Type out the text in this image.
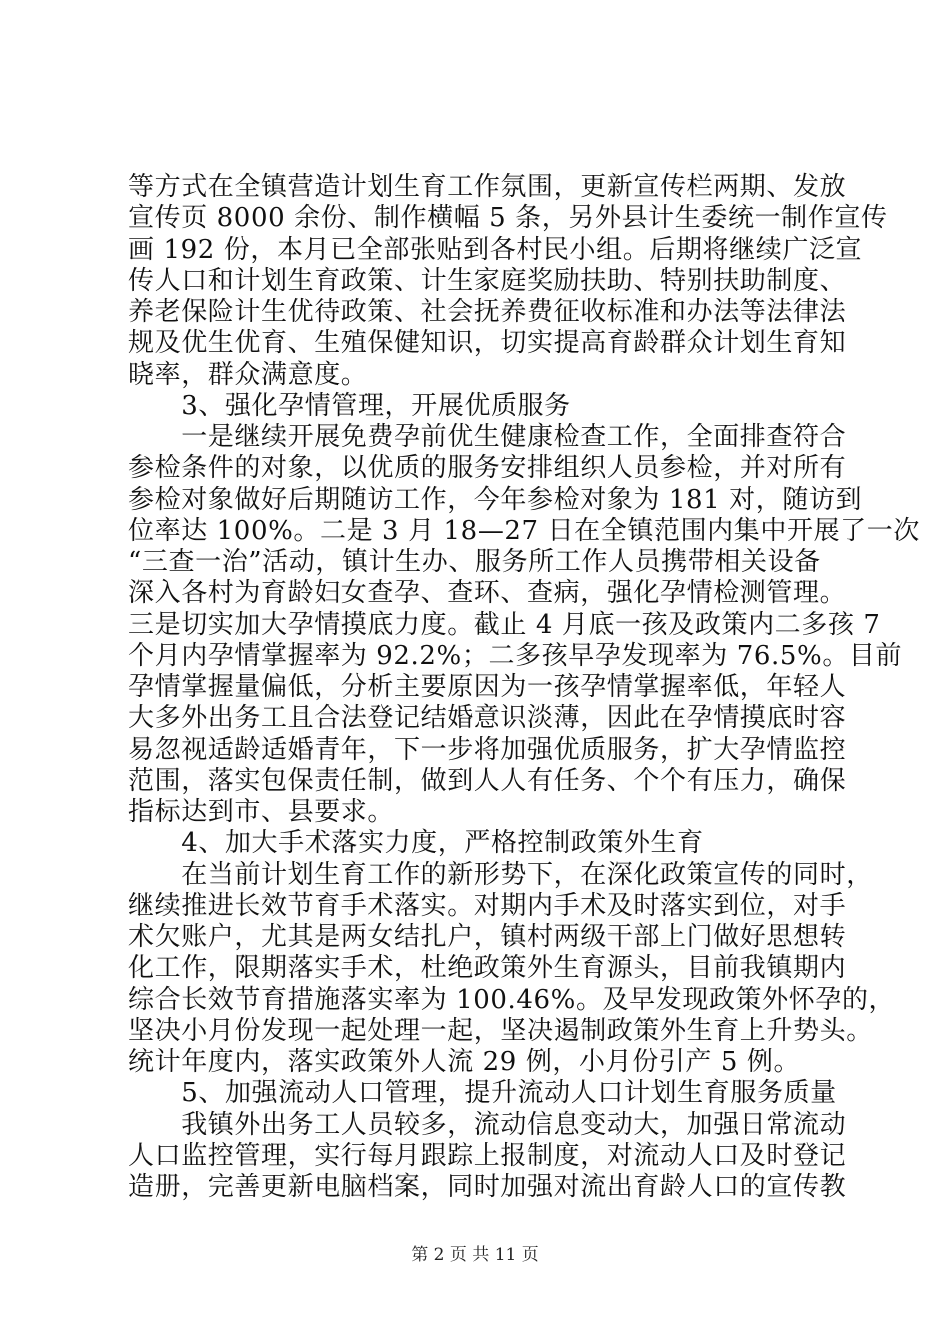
等方式在全镇营造计划生育工作氛围，更新宣传栏两期、发放
宣传页 8000 余份、制作横幅 5 条，另外县计生委统一制作宣传
画 192 份，本月已全部张贴到各村民小组。后期将继续广泛宣
传人口和计划生育政策、计生家庭奖励扶助、特别扶助制度、
养老保险计生优待政策、社会抚养费征收标准和办法等法律法
规及优生优育、生殖保健知识，切实提高育龄群众计划生育知
晓率，群众满意度。
　　3、强化孕情管理，开展优质服务
　　一是继续开展免费孕前优生健康检查工作，全面排查符合
参检条件的对象，以优质的服务安排组织人员参检，并对所有
参检对象做好后期随访工作，今年参检对象为 181 对，随访到
位率达 100%。二是 3 月 18—27 日在全镇范围内集中开展了一次
“三查一治”活动，镇计生办、服务所工作人员携带相关设备
深入各村为育龄妇女查孕、查环、查病，强化孕情检测管理。
三是切实加大孕情摸底力度。截止 4 月底一孩及政策内二多孩 7
个月内孕情掌握率为 92.2%；二多孩早孕发现率为 76.5%。目前
孕情掌握量偏低，分析主要原因为一孩孕情掌握率低，年轻人
大多外出务工且合法登记结婚意识淡薄，因此在孕情摸底时容
易忽视适龄适婚青年，下一步将加强优质服务，扩大孕情监控
范围，落实包保责任制，做到人人有任务、个个有压力，确保
指标达到市、县要求。
　　4、加大手术落实力度，严格控制政策外生育
　　在当前计划生育工作的新形势下，在深化政策宣传的同时，
继续推进长效节育手术落实。对期内手术及时落实到位，对手
术欠账户，尤其是两女结扎户，镇村两级干部上门做好思想转
化工作，限期落实手术，杜绝政策外生育源头，目前我镇期内
综合长效节育措施落实率为 100.46%。及早发现政策外怀孕的，
坚决小月份发现一起处理一起，坚决遏制政策外生育上升势头。
统计年度内，落实政策外人流 29 例，小月份引产 5 例。
　　5、加强流动人口管理，提升流动人口计划生育服务质量
　　我镇外出务工人员较多，流动信息变动大，加强日常流动
人口监控管理，实行每月跟踪上报制度，对流动人口及时登记
造册，完善更新电脑档案，同时加强对流出育龄人口的宣传教
第 2 页 共 11 页
